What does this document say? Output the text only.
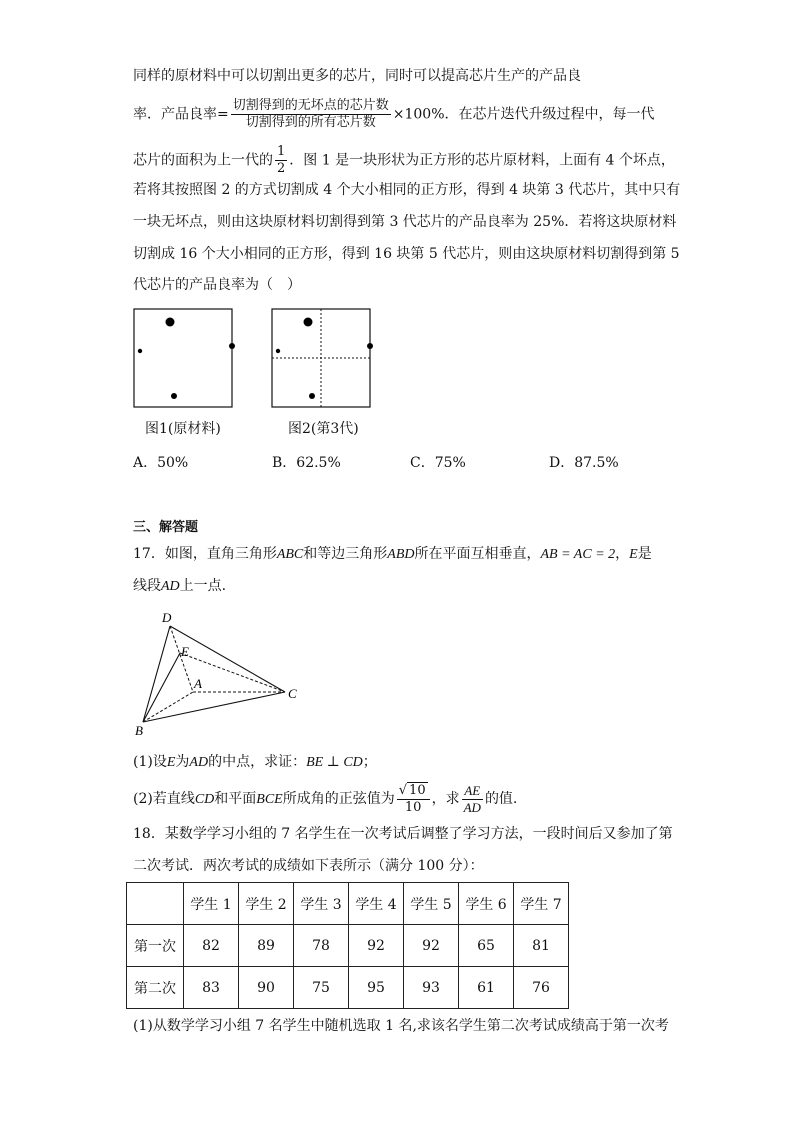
同样的原材料中可以切割出更多的芯片，同时可以提高芯片生产的产品良
率．产品良率= $\frac{\text{切割得到的无坏点的芯片数}}{\text{切割得到的所有芯片数}} \times 100\%$．在芯片迭代升级过程中，每一代
芯片的面积为上一代的 $\frac{1}{2}$ ．图 1 是一块形状为正方形的芯片原材料，上面有 4 个坏点，
若将其按照图 2 的方式切割成 4 个大小相同的正方形，得到 4 块第 3 代芯片，其中只有
一块无坏点，则由这块原材料切割得到第 3 代芯片的产品良率为 25%．若将这块原材料
切割成 16 个大小相同的正方形，得到 16 块第 5 代芯片，则由这块原材料切割得到第 5
代芯片的产品良率为（　）
图1(原材料)	图2(第3代)
A．50%	B．62.5%	C．75%	D．87.5%
三、解答题
17．如图，直角三角形ABC和等边三角形ABD所在平面互相垂直，AB = AC = 2，E是
线段AD上一点.
D
E
A
B
C
(1)设E为AD的中点，求证：BE ⊥ CD；
(2)若直线CD和平面BCE所成角的正弦值为 $\frac{√ 10}{10}$ ，求 $\frac{AE}{AD}$ 的值.
18．某数学学习小组的 7 名学生在一次考试后调整了学习方法，一段时间后又参加了第
二次考试．两次考试的成绩如下表所示（满分 100 分）：
	学生 1	学生 2	学生 3	学生 4	学生 5	学生 6	学生 7
第一次	82	89	78	92	92	65	81
第二次	83	90	75	95	93	61	76
(1)从数学学习小组 7 名学生中随机选取 1 名,求该名学生第二次考试成绩高于第一次考
